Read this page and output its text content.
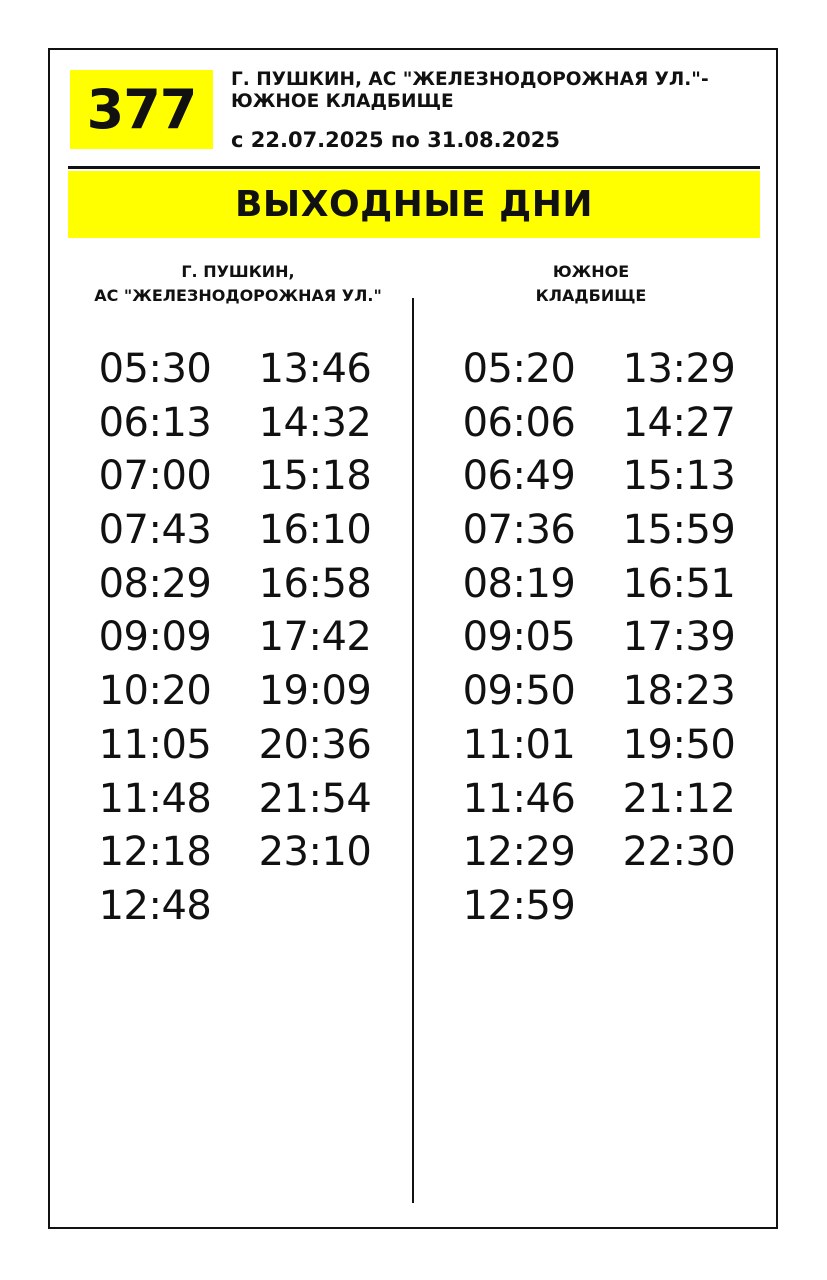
377 Г. ПУШКИН, АС "ЖЕЛЕЗНОДОРОЖНАЯ УЛ."-
ЮЖНОЕ КЛАДБИЩЕ
с 22.07.2025 по 31.08.2025
ВЫХОДНЫЕ ДНИ
Г. ПУШКИН,
АС "ЖЕЛЕЗНОДОРОЖНАЯ УЛ."
ЮЖНОЕ
КЛАДБИЩЕ
05:30
06:13
07:00
07:43
08:29
09:09
10:20
11:05
11:48
12:18
12:48
13:46
14:32
15:18
16:10
16:58
17:42
19:09
20:36
21:54
23:10
05:20
06:06
06:49
07:36
08:19
09:05
09:50
11:01
11:46
12:29
12:59
13:29
14:27
15:13
15:59
16:51
17:39
18:23
19:50
21:12
22:30
